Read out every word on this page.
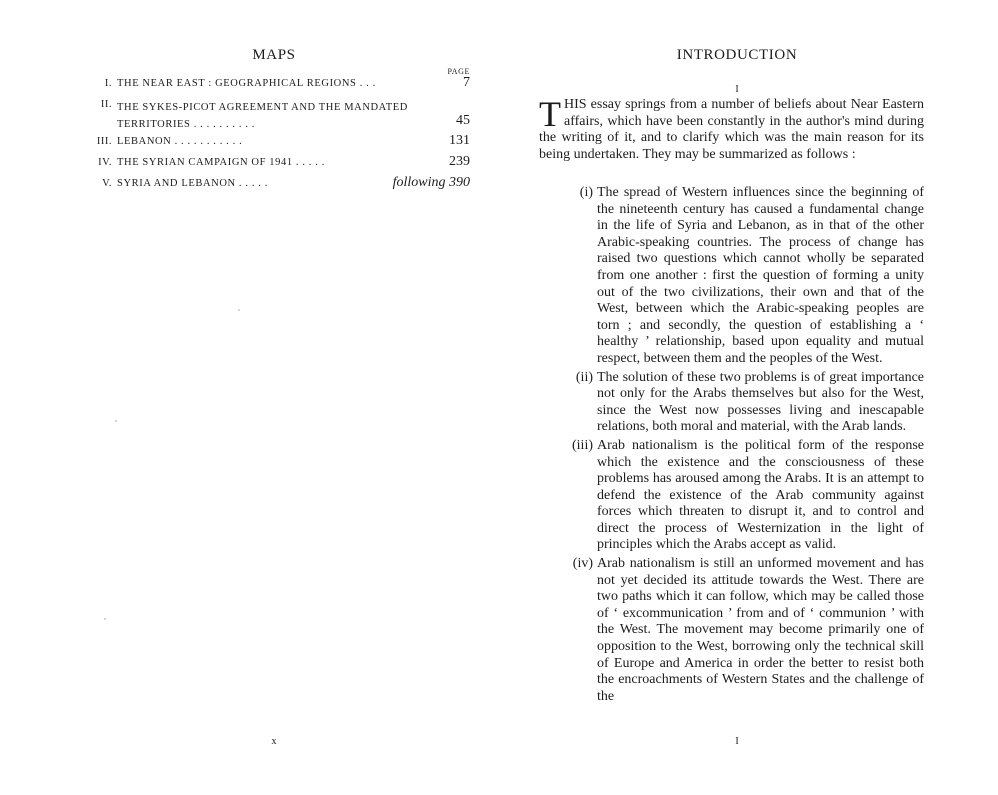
MAPS
PAGE
I. THE NEAR EAST : GEOGRAPHICAL REGIONS . . .	7
II. THE SYKES-PICOT AGREEMENT AND THE MANDATED TERRITORIES . . . . . . . . . .	45
III. LEBANON . . . . . . . . . . .	131
IV. THE SYRIAN CAMPAIGN OF 1941 . . . . .	239
V. SYRIA AND LEBANON . . . . .	following 390
x
INTRODUCTION
I
THIS essay springs from a number of beliefs about Near Eastern affairs, which have been constantly in the author's mind during the writing of it, and to clarify which was the main reason for its being undertaken. They may be summarized as follows :
(i) The spread of Western influences since the beginning of the nineteenth century has caused a fundamental change in the life of Syria and Lebanon, as in that of the other Arabic-speaking countries. The process of change has raised two questions which cannot wholly be separated from one another : first the question of forming a unity out of the two civilizations, their own and that of the West, between which the Arabic-speaking peoples are torn ; and secondly, the question of establishing a ‘ healthy ’ relationship, based upon equality and mutual respect, between them and the peoples of the West.
(ii) The solution of these two problems is of great importance not only for the Arabs themselves but also for the West, since the West now possesses living and inescapable relations, both moral and material, with the Arab lands.
(iii) Arab nationalism is the political form of the response which the existence and the consciousness of these problems has aroused among the Arabs. It is an attempt to defend the existence of the Arab community against forces which threaten to disrupt it, and to control and direct the process of Westernization in the light of principles which the Arabs accept as valid.
(iv) Arab nationalism is still an unformed movement and has not yet decided its attitude towards the West. There are two paths which it can follow, which may be called those of ‘ excommunication ’ from and of ‘ communion ’ with the West. The movement may become primarily one of opposition to the West, borrowing only the technical skill of Europe and America in order the better to resist both the encroachments of Western States and the challenge of the
I
